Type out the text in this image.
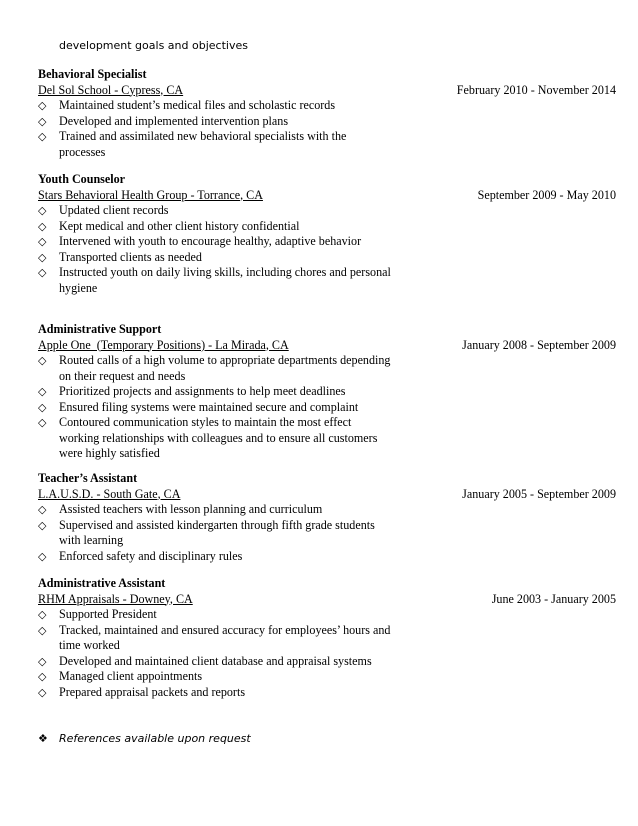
development goals and objectives
Behavioral Specialist
Del Sol School - Cypress, CA	February 2010 - November 2014
◇ Maintained student’s medical files and scholastic records
◇ Developed and implemented intervention plans
◇ Trained and assimilated new behavioral specialists with the processes
Youth Counselor
Stars Behavioral Health Group - Torrance, CA	September 2009 - May 2010
◇ Updated client records
◇ Kept medical and other client history confidential
◇ Intervened with youth to encourage healthy, adaptive behavior
◇ Transported clients as needed
◇ Instructed youth on daily living skills, including chores and personal hygiene
Administrative Support
Apple One  (Temporary Positions) - La Mirada, CA	January 2008 - September 2009
◇ Routed calls of a high volume to appropriate departments depending on their request and needs
◇ Prioritized projects and assignments to help meet deadlines
◇ Ensured filing systems were maintained secure and complaint
◇ Contoured communication styles to maintain the most effect working relationships with colleagues and to ensure all customers were highly satisfied
Teacher’s Assistant
L.A.U.S.D. - South Gate, CA	January 2005 - September 2009
◇ Assisted teachers with lesson planning and curriculum
◇ Supervised and assisted kindergarten through fifth grade students with learning
◇ Enforced safety and disciplinary rules
Administrative Assistant
RHM Appraisals - Downey, CA	June 2003 - January 2005
◇ Supported President
◇ Tracked, maintained and ensured accuracy for employees’ hours and time worked
◇ Developed and maintained client database and appraisal systems
◇ Managed client appointments
◇ Prepared appraisal packets and reports
❖ References available upon request
